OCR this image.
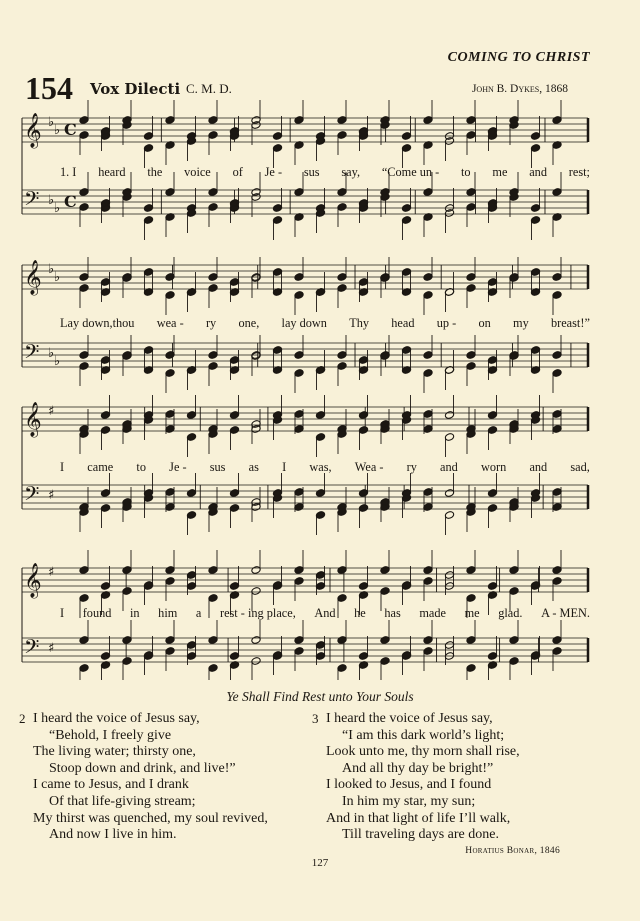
COMING TO CHRIST
154 Vox Dilecti C. M. D.	John B. Dykes, 1868
𝄞 ♭
♭ C
𝄢 ♭
♭ C
𝄞 ♭
♭
𝄢 ♭
♭
𝄞 ♯
𝄢 ♯
𝄞 ♯
𝄢 ♯
1. I heard the voice of Je - sus say, “Come un - to me and rest;
Lay down,thou wea - ry one, lay down Thy head up - on my breast!”
I came to Je - sus as I was, Wea - ry and worn and sad,
I found in him a rest - ing place, And he has made me glad. A - MEN.
Ye Shall Find Rest unto Your Souls
2 I heard the voice of Jesus say,
“Behold, I freely give
The living water; thirsty one,
Stoop down and drink, and live!”
I came to Jesus, and I drank
Of that life-giving stream;
My thirst was quenched, my soul revived,
And now I live in him.
3 I heard the voice of Jesus say,
“I am this dark world’s light;
Look unto me, thy morn shall rise,
And all thy day be bright!”
I looked to Jesus, and I found
In him my star, my sun;
And in that light of life I’ll walk,
Till traveling days are done.
Horatius Bonar, 1846
127
